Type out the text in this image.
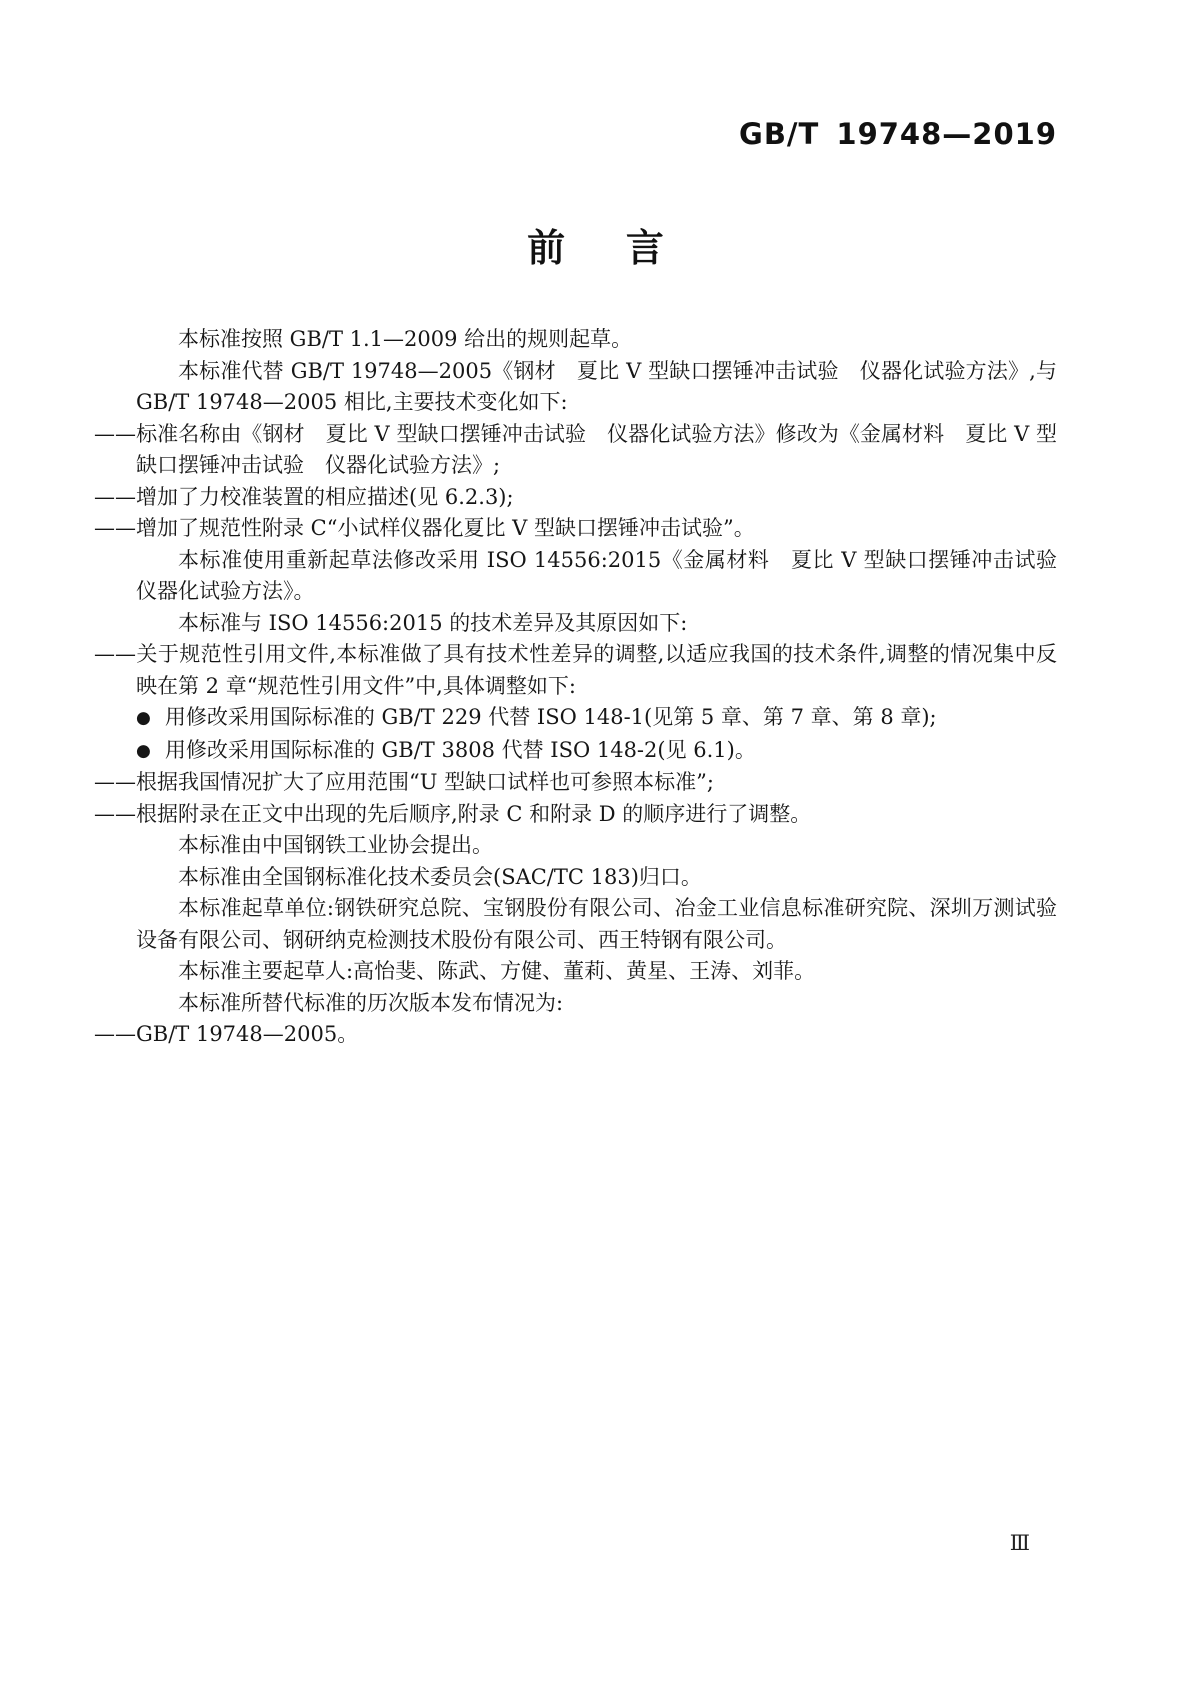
GB/T 19748—2019
前言
本标准按照 GB/T 1.1—2009 给出的规则起草。
本标准代替 GB/T 19748—2005《钢材　夏比 V 型缺口摆锤冲击试验　仪器化试验方法》,与 GB/T 19748—2005 相比,主要技术变化如下:
——标准名称由《钢材　夏比 V 型缺口摆锤冲击试验　仪器化试验方法》修改为《金属材料　夏比 V 型缺口摆锤冲击试验　仪器化试验方法》;
——增加了力校准装置的相应描述(见 6.2.3);
——增加了规范性附录 C“小试样仪器化夏比 V 型缺口摆锤冲击试验”。
本标准使用重新起草法修改采用 ISO 14556:2015《金属材料　夏比 V 型缺口摆锤冲击试验　仪器化试验方法》。
本标准与 ISO 14556:2015 的技术差异及其原因如下:
——关于规范性引用文件,本标准做了具有技术性差异的调整,以适应我国的技术条件,调整的情况集中反映在第 2 章“规范性引用文件”中,具体调整如下:
● 用修改采用国际标准的 GB/T 229 代替 ISO 148-1(见第 5 章、第 7 章、第 8 章);
● 用修改采用国际标准的 GB/T 3808 代替 ISO 148-2(见 6.1)。
——根据我国情况扩大了应用范围“U 型缺口试样也可参照本标准”;
——根据附录在正文中出现的先后顺序,附录 C 和附录 D 的顺序进行了调整。
本标准由中国钢铁工业协会提出。
本标准由全国钢标准化技术委员会(SAC/TC 183)归口。
本标准起草单位:钢铁研究总院、宝钢股份有限公司、冶金工业信息标准研究院、深圳万测试验设备有限公司、钢研纳克检测技术股份有限公司、西王特钢有限公司。
本标准主要起草人:高怡斐、陈武、方健、董莉、黄星、王涛、刘菲。
本标准所替代标准的历次版本发布情况为:
——GB/T 19748—2005。
Ⅲ
